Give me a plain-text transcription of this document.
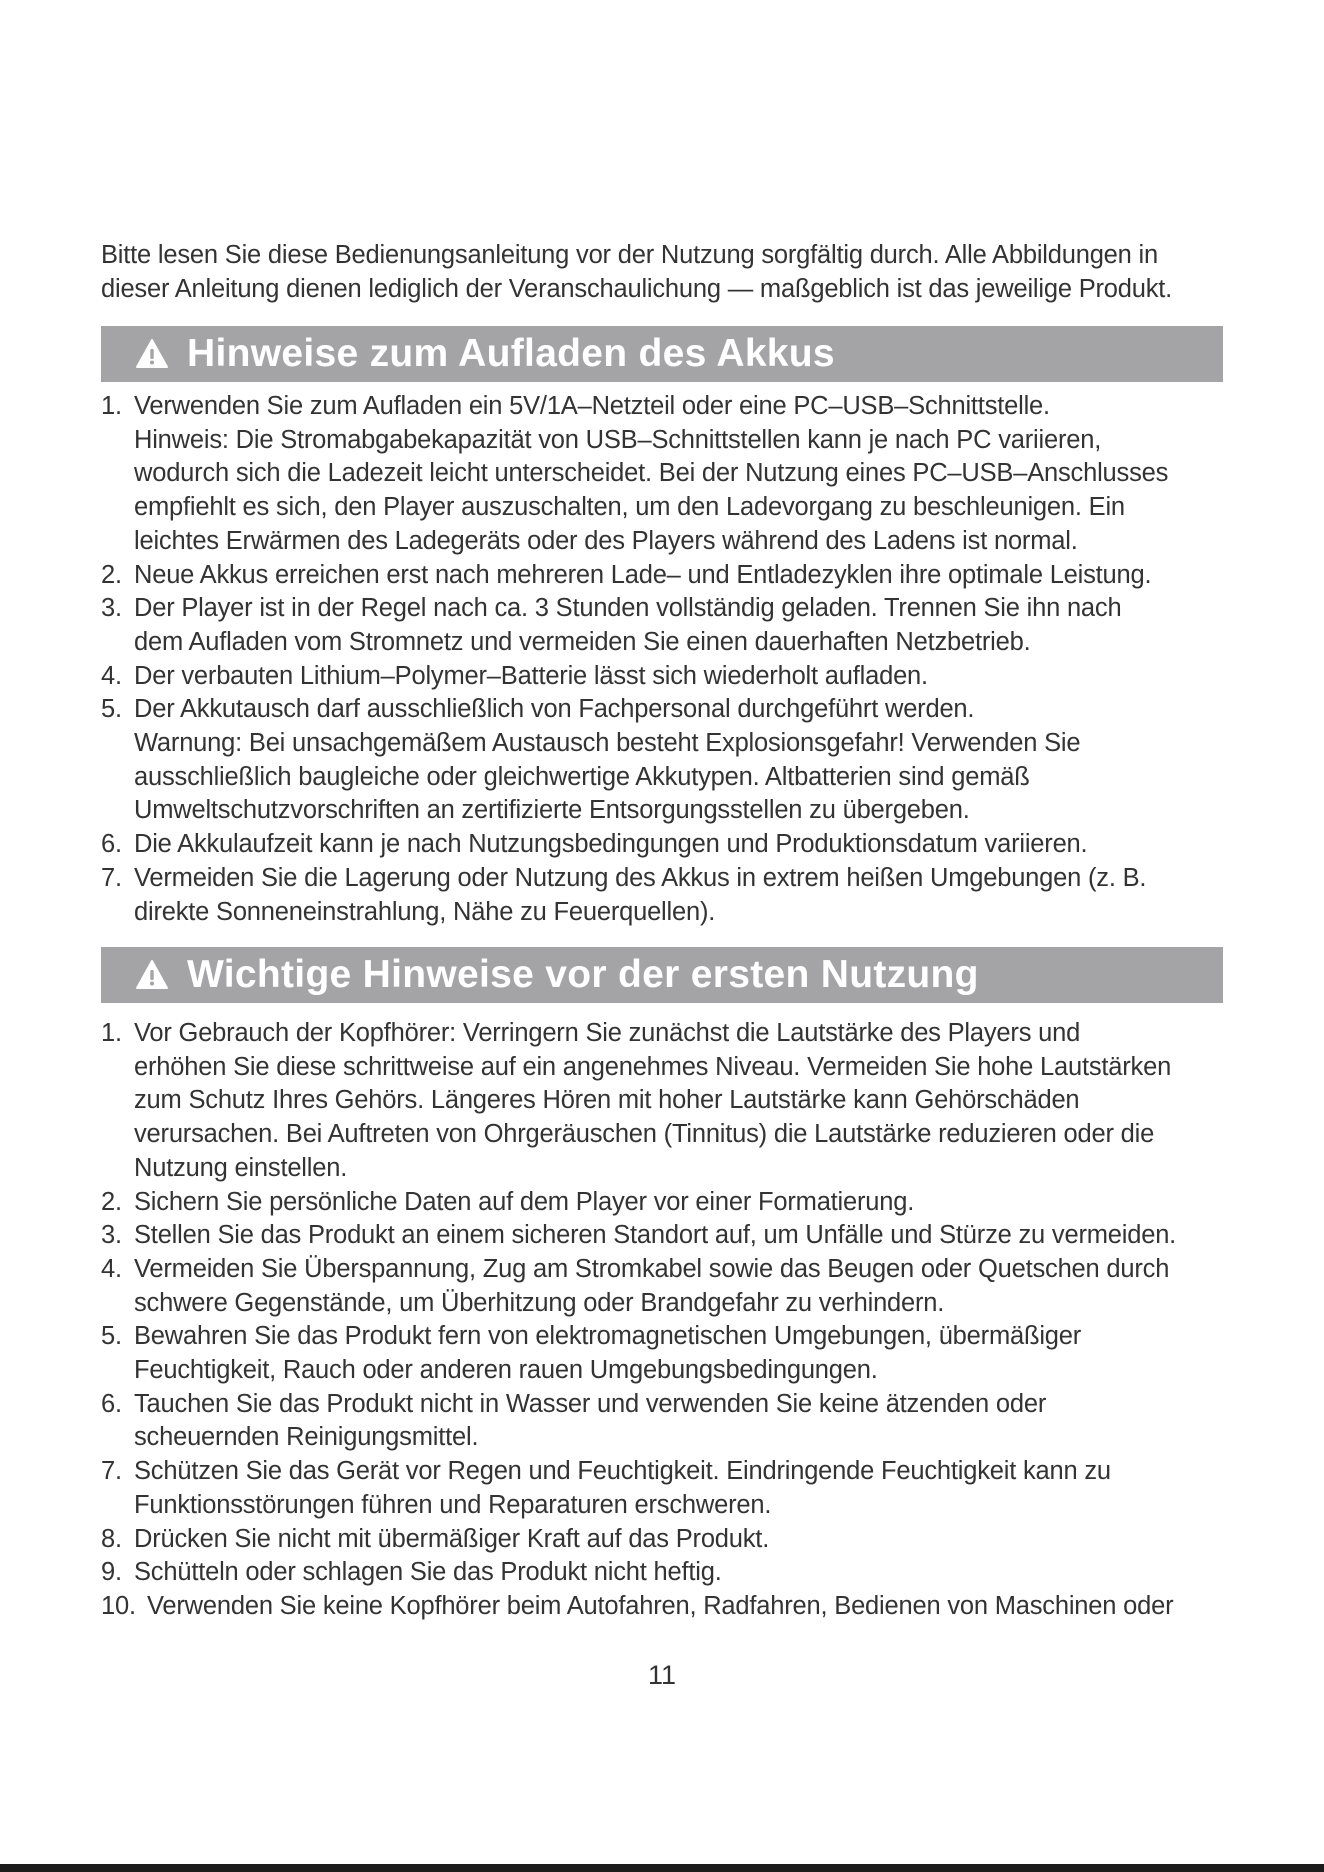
Bitte lesen Sie diese Bedienungsanleitung vor der Nutzung sorgfältig durch. Alle Abbildungen in

dieser Anleitung dienen lediglich der Veranschaulichung — maßgeblich ist das jeweilige Produkt.

Hinweise zum Aufladen des Akkus
1. Verwenden Sie zum Aufladen ein 5V/1A–Netzteil oder eine PC–USB–Schnittstelle.
Hinweis: Die Stromabgabekapazität von USB–Schnittstellen kann je nach PC variieren,
wodurch sich die Ladezeit leicht unterscheidet. Bei der Nutzung eines PC–USB–Anschlusses
empfiehlt es sich, den Player auszuschalten, um den Ladevorgang zu beschleunigen. Ein
leichtes Erwärmen des Ladegeräts oder des Players während des Ladens ist normal.
2. Neue Akkus erreichen erst nach mehreren Lade– und Entladezyklen ihre optimale Leistung.
3. Der Player ist in der Regel nach ca. 3 Stunden vollständig geladen. Trennen Sie ihn nach
dem Aufladen vom Stromnetz und vermeiden Sie einen dauerhaften Netzbetrieb.
4. Der verbauten Lithium–Polymer–Batterie lässt sich wiederholt aufladen.
5. Der Akkutausch darf ausschließlich von Fachpersonal durchgeführt werden.
Warnung: Bei unsachgemäßem Austausch besteht Explosionsgefahr! Verwenden Sie
ausschließlich baugleiche oder gleichwertige Akkutypen. Altbatterien sind gemäß
Umweltschutzvorschriften an zertifizierte Entsorgungsstellen zu übergeben.
6. Die Akkulaufzeit kann je nach Nutzungsbedingungen und Produktionsdatum variieren.
7. Vermeiden Sie die Lagerung oder Nutzung des Akkus in extrem heißen Umgebungen (z. B.
direkte Sonneneinstrahlung, Nähe zu Feuerquellen).
Wichtige Hinweise vor der ersten Nutzung
1. Vor Gebrauch der Kopfhörer: Verringern Sie zunächst die Lautstärke des Players und
erhöhen Sie diese schrittweise auf ein angenehmes Niveau. Vermeiden Sie hohe Lautstärken
zum Schutz Ihres Gehörs. Längeres Hören mit hoher Lautstärke kann Gehörschäden
verursachen. Bei Auftreten von Ohrgeräuschen (Tinnitus) die Lautstärke reduzieren oder die
Nutzung einstellen.
2. Sichern Sie persönliche Daten auf dem Player vor einer Formatierung.
3. Stellen Sie das Produkt an einem sicheren Standort auf, um Unfälle und Stürze zu vermeiden.
4. Vermeiden Sie Überspannung, Zug am Stromkabel sowie das Beugen oder Quetschen durch
schwere Gegenstände, um Überhitzung oder Brandgefahr zu verhindern.
5. Bewahren Sie das Produkt fern von elektromagnetischen Umgebungen, übermäßiger
Feuchtigkeit, Rauch oder anderen rauen Umgebungsbedingungen.
6. Tauchen Sie das Produkt nicht in Wasser und verwenden Sie keine ätzenden oder
scheuernden Reinigungsmittel.
7. Schützen Sie das Gerät vor Regen und Feuchtigkeit. Eindringende Feuchtigkeit kann zu
Funktionsstörungen führen und Reparaturen erschweren.
8. Drücken Sie nicht mit übermäßiger Kraft auf das Produkt.
9. Schütteln oder schlagen Sie das Produkt nicht heftig.
10. Verwenden Sie keine Kopfhörer beim Autofahren, Radfahren, Bedienen von Maschinen oder
11
